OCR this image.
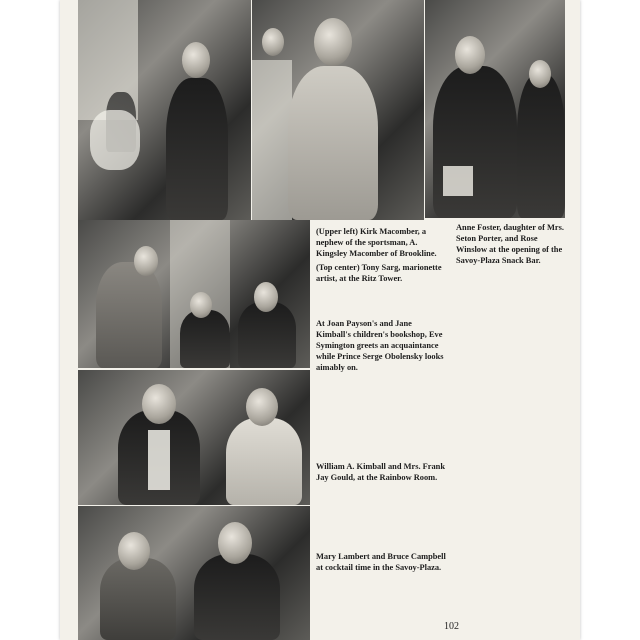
(Upper left) Kirk Macomber, a nephew of the sportsman, A. Kingsley Macomber of Brookline.

(Top center) Tony Sarg, marionette artist, at the Ritz Tower.

Anne Foster, daughter of Mrs. Seton Porter, and Rose Winslow at the opening of the Savoy-Plaza Snack Bar.

At Joan Payson's and Jane Kimball's children's bookshop, Eve Symington greets an acquaintance while Prince Serge Obolensky looks aimably on.

William A. Kimball and Mrs. Frank Jay Gould, at the Rainbow Room.

Mary Lambert and Bruce Campbell at cocktail time in the Savoy-Plaza.

102
